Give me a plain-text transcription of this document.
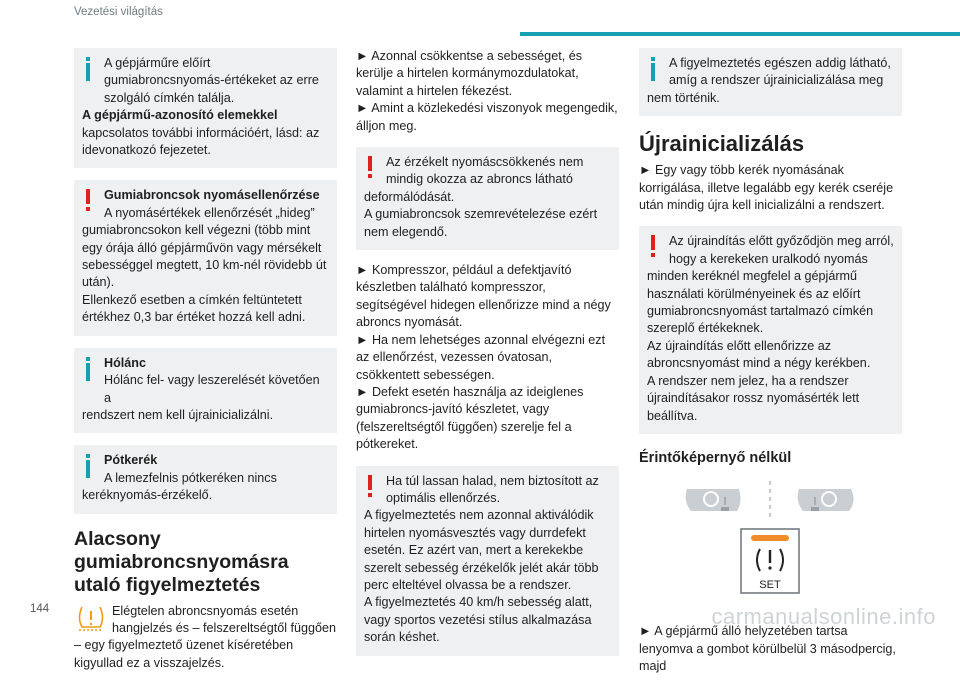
Vezetési világítás

A gépjárműre előírt gumiabroncsnyomás-értékeket az erre szolgáló címkén találja.

A gépjármű-azonosító elemekkel

kapcsolatos további információért, lásd: az idevonatkozó fejezetet.

Gumiabroncsok nyomásellenőrzése

A nyomásértékek ellenőrzését „hideg”

gumiabroncsokon kell végezni (több mint egy órája álló gépjárművön vagy mérsékelt sebességgel megtett, 10 km-nél rövidebb út után).

Ellenkező esetben a címkén feltüntetett értékhez 0,3 bar értéket hozzá kell adni.

Hólánc

Hólánc fel- vagy leszerelését követően a

rendszert nem kell újrainicializálni.

Pótkerék

A lemezfelnis pótkeréken nincs

keréknyomás-érzékelő.

Alacsony gumiabroncsnyomásra utaló figyelmeztetés

Elégtelen abroncsnyomás esetén hangjelzés és – felszereltségtől függően

– egy figyelmeztető üzenet kíséretében kigyullad ez a visszajelzés.

► Azonnal csökkentse a sebességet, és kerülje a hirtelen kormánymozdulatokat, valamint a hirtelen fékezést.

► Amint a közlekedési viszonyok megengedik, álljon meg.

Az érzékelt nyomáscsökkenés nem mindig okozza az abroncs látható

deformálódását.

A gumiabroncsok szemrevételezése ezért nem elegendő.

► Kompresszor, például a defektjavító készletben található kompresszor, segítségével hidegen ellenőrizze mind a négy abroncs nyomását.

► Ha nem lehetséges azonnal elvégezni ezt az ellenőrzést, vezessen óvatosan, csökkentett sebességen.

► Defekt esetén használja az ideiglenes gumiabroncs-javító készletet, vagy (felszereltségtől függően) szerelje fel a pótkereket.

Ha túl lassan halad, nem biztosított az optimális ellenőrzés.

A figyelmeztetés nem azonnal aktiválódik hirtelen nyomásvesztés vagy durrdefekt esetén. Ez azért van, mert a kerekekbe szerelt sebesség érzékelők jelét akár több perc elteltével olvassa be a rendszer.

A figyelmeztetés 40 km/h sebesség alatt, vagy sportos vezetési stílus alkalmazása során késhet.

A figyelmeztetés egészen addig látható, amíg a rendszer újrainicializálása meg

nem történik.

Újrainicializálás

► Egy vagy több kerék nyomásának korrigálása, illetve legalább egy kerék cseréje után mindig újra kell inicializálni a rendszert.

Az újraindítás előtt győződjön meg arról, hogy a kerekeken uralkodó nyomás

minden keréknél megfelel a gépjármű használati körülményeinek és az előírt gumiabroncsnyomást tartalmazó címkén szereplő értékeknek.

Az újraindítás előtt ellenőrizze az abroncsnyomást mind a négy kerékben.

A rendszer nem jelez, ha a rendszer újraindításakor rossz nyomásérték lett beállítva.

Érintőképernyő nélkül
SET

► A gépjármű álló helyzetében tartsa lenyomva a gombot körülbelül 3 másodpercig, majd

144	carmanualsonline.info
